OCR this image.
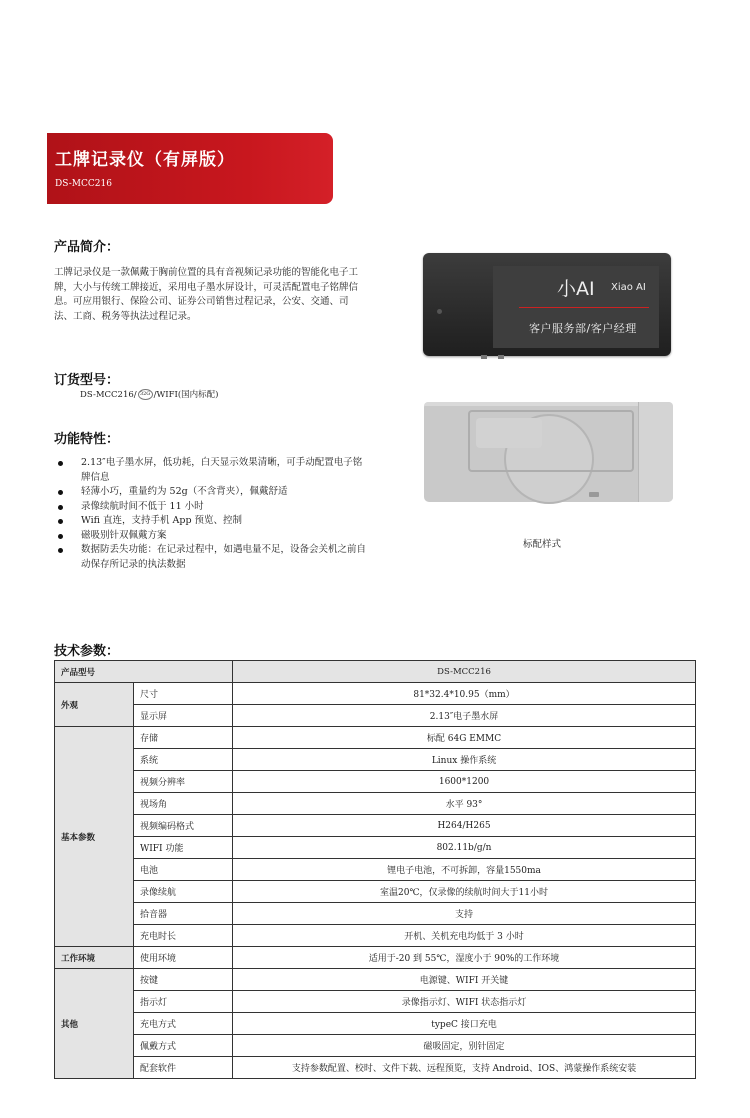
工牌记录仪（有屏版）
DS-MCC216
产品简介：
工牌记录仪是一款佩戴于胸前位置的具有音视频记录功能的智能化电子工牌，大小与传统工牌接近，采用电子墨水屏设计，可灵活配置电子铭牌信息。可应用银行、保险公司、证券公司销售过程记录，公安、交通、司法、工商、税务等执法过程记录。
订货型号：
DS-MCC216/ 32G /WIFI(国内标配)
功能特性：
2.13″电子墨水屏，低功耗，白天显示效果清晰，可手动配置电子铭牌信息
轻薄小巧，重量约为 52g（不含背夹），佩戴舒适
录像续航时间不低于 11 小时
Wifi 直连，支持手机 App 预览、控制
磁吸别针双佩戴方案
数据防丢失功能：在记录过程中，如遇电量不足，设备会关机之前自动保存所记录的执法数据
小AI Xiao AI
客户服务部/客户经理
标配样式
技术参数：
产品型号		DS-MCC216
外观	尺寸	81*32.4*10.95（mm）
	显示屏	2.13″电子墨水屏
基本参数	存储	标配 64G EMMC
	系统	Linux 操作系统
	视频分辨率	1600*1200
	视场角	水平 93°
	视频编码格式	H264/H265
	WIFI 功能	802.11b/g/n
	电池	锂电子电池，不可拆卸，容量1550ma
	录像续航	室温20℃，仅录像的续航时间大于11小时
	拾音器	支持
	充电时长	开机、关机充电均低于 3 小时
工作环境	使用环境	适用于-20 到 55℃，湿度小于 90%的工作环境
其他	按键	电源键、WIFI 开关键
	指示灯	录像指示灯、WIFI 状态指示灯
	充电方式	typeC 接口充电
	佩戴方式	磁吸固定，别针固定
	配套软件	支持参数配置、校时、文件下载、远程预览，支持 Android、IOS、鸿蒙操作系统安装
